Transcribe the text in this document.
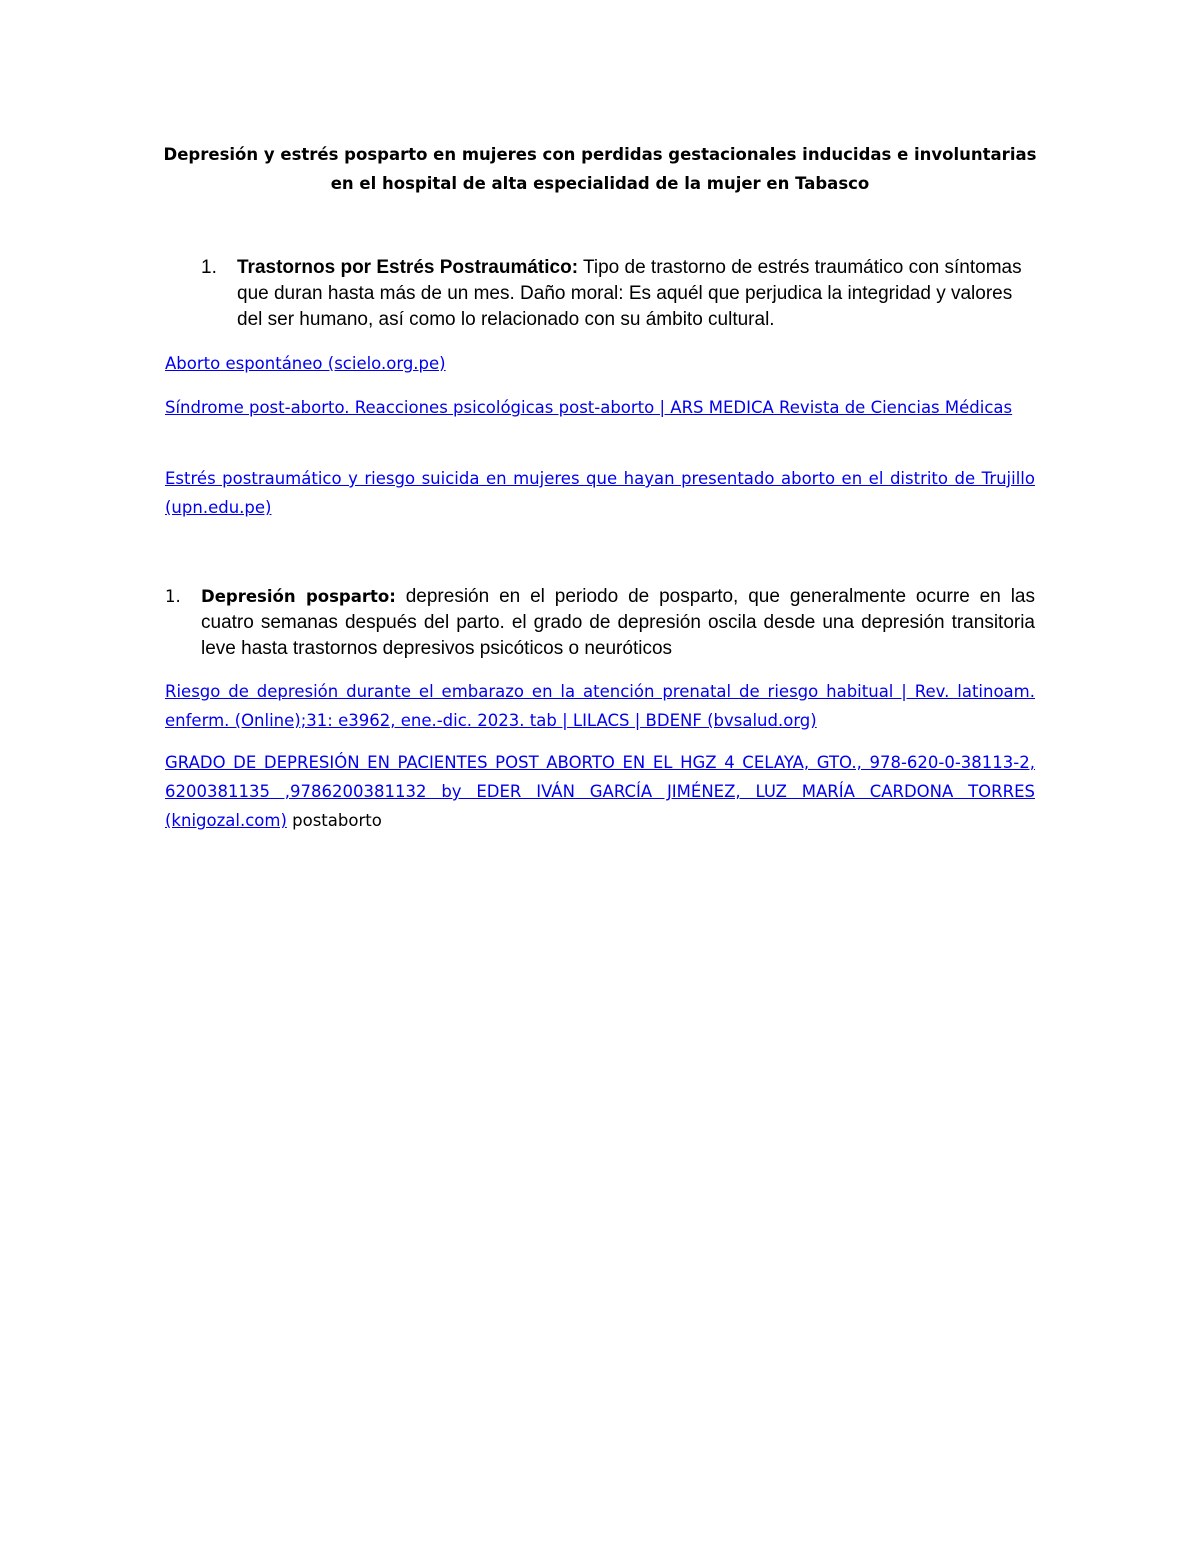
Depresión y estrés posparto en mujeres con perdidas gestacionales inducidas e involuntarias en el hospital de alta especialidad de la mujer en Tabasco
1. Trastornos por Estrés Postraumático: Tipo de trastorno de estrés traumático con síntomas que duran hasta más de un mes. Daño moral: Es aquél que perjudica la integridad y valores del ser humano, así como lo relacionado con su ámbito cultural.

Aborto espontáneo (scielo.org.pe)

Síndrome post-aborto. Reacciones psicológicas post-aborto | ARS MEDICA Revista de Ciencias Médicas

Estrés postraumático y riesgo suicida en mujeres que hayan presentado aborto en el distrito de Trujillo (upn.edu.pe)

1. Depresión posparto: depresión en el periodo de posparto, que generalmente ocurre en las cuatro semanas después del parto. el grado de depresión oscila desde una depresión transitoria leve hasta trastornos depresivos psicóticos o neuróticos

Riesgo de depresión durante el embarazo en la atención prenatal de riesgo habitual | Rev. latinoam. enferm. (Online);31: e3962, ene.-dic. 2023. tab | LILACS | BDENF (bvsalud.org)

GRADO DE DEPRESIÓN EN PACIENTES POST ABORTO EN EL HGZ 4 CELAYA, GTO., 978-620-0-38113-2, 6200381135 ,9786200381132 by EDER IVÁN GARCÍA JIMÉNEZ, LUZ MARÍA CARDONA TORRES (knigozal.com) postaborto
